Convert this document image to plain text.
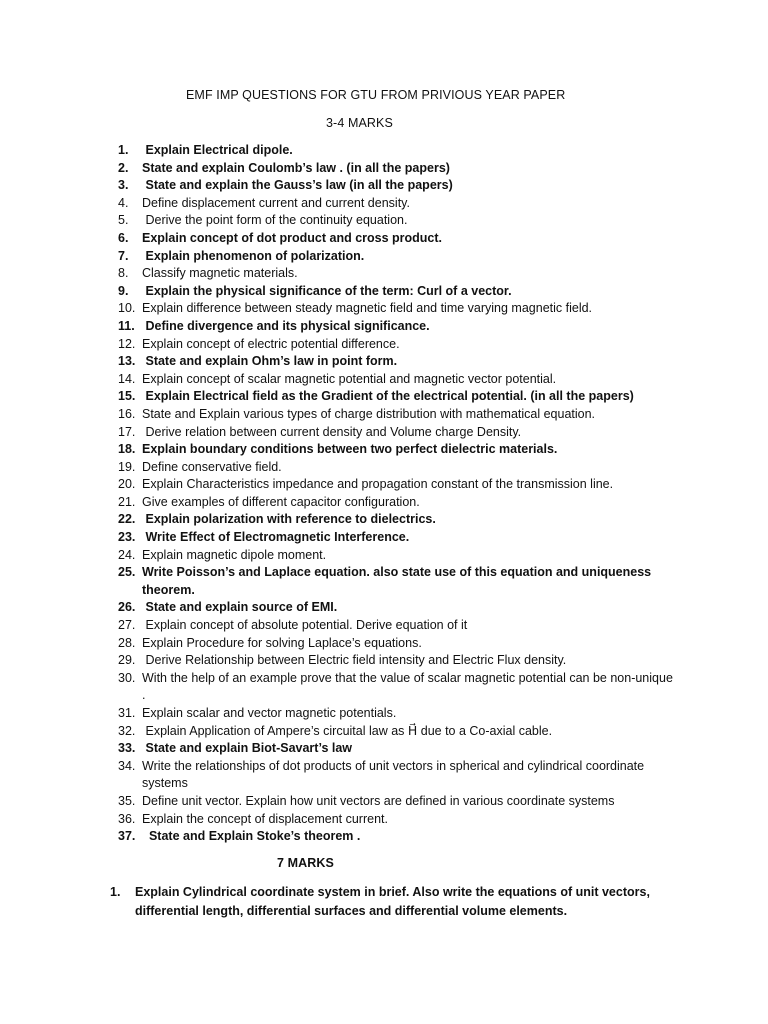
EMF IMP QUESTIONS FOR GTU FROM PRIVIOUS YEAR PAPER
3-4 MARKS
1. Explain Electrical dipole.
2. State and explain Coulomb’s law . (in all the papers)
3. State and explain the Gauss’s law (in all the papers)
4. Define displacement current and current density.
5. Derive the point form of the continuity equation.
6. Explain concept of dot product and cross product.
7. Explain phenomenon of polarization.
8. Classify magnetic materials.
9. Explain the physical significance of the term: Curl of a vector.
10. Explain difference between steady magnetic field and time varying magnetic field.
11. Define divergence and its physical significance.
12. Explain concept of electric potential difference.
13. State and explain Ohm’s law in point form.
14. Explain concept of scalar magnetic potential and magnetic vector potential.
15. Explain Electrical field as the Gradient of the electrical potential. (in all the papers)
16. State and Explain various types of charge distribution with mathematical equation.
17. Derive relation between current density and Volume charge Density.
18. Explain boundary conditions between two perfect dielectric materials.
19. Define conservative field.
20. Explain Characteristics impedance and propagation constant of the transmission line.
21. Give examples of different capacitor configuration.
22. Explain polarization with reference to dielectrics.
23. Write Effect of Electromagnetic Interference.
24. Explain magnetic dipole moment.
25. Write Poisson’s and Laplace equation. also state use of this equation and uniqueness theorem.
26. State and explain source of EMI.
27. Explain concept of absolute potential. Derive equation of it
28. Explain Procedure for solving Laplace’s equations.
29. Derive Relationship between Electric field intensity and Electric Flux density.
30. With the help of an example prove that the value of scalar magnetic potential can be non-unique .
31. Explain scalar and vector magnetic potentials.
32. Explain Application of Ampere’s circuital law as H⃗ due to a Co-axial cable.
33. State and explain Biot-Savart’s law
34. Write the relationships of dot products of unit vectors in spherical and cylindrical coordinate systems
35. Define unit vector. Explain how unit vectors are defined in various coordinate systems
36. Explain the concept of displacement current.
37. State and Explain Stoke’s theorem .
7 MARKS
1. Explain Cylindrical coordinate system in brief. Also write the equations of unit vectors, differential length, differential surfaces and differential volume elements.
